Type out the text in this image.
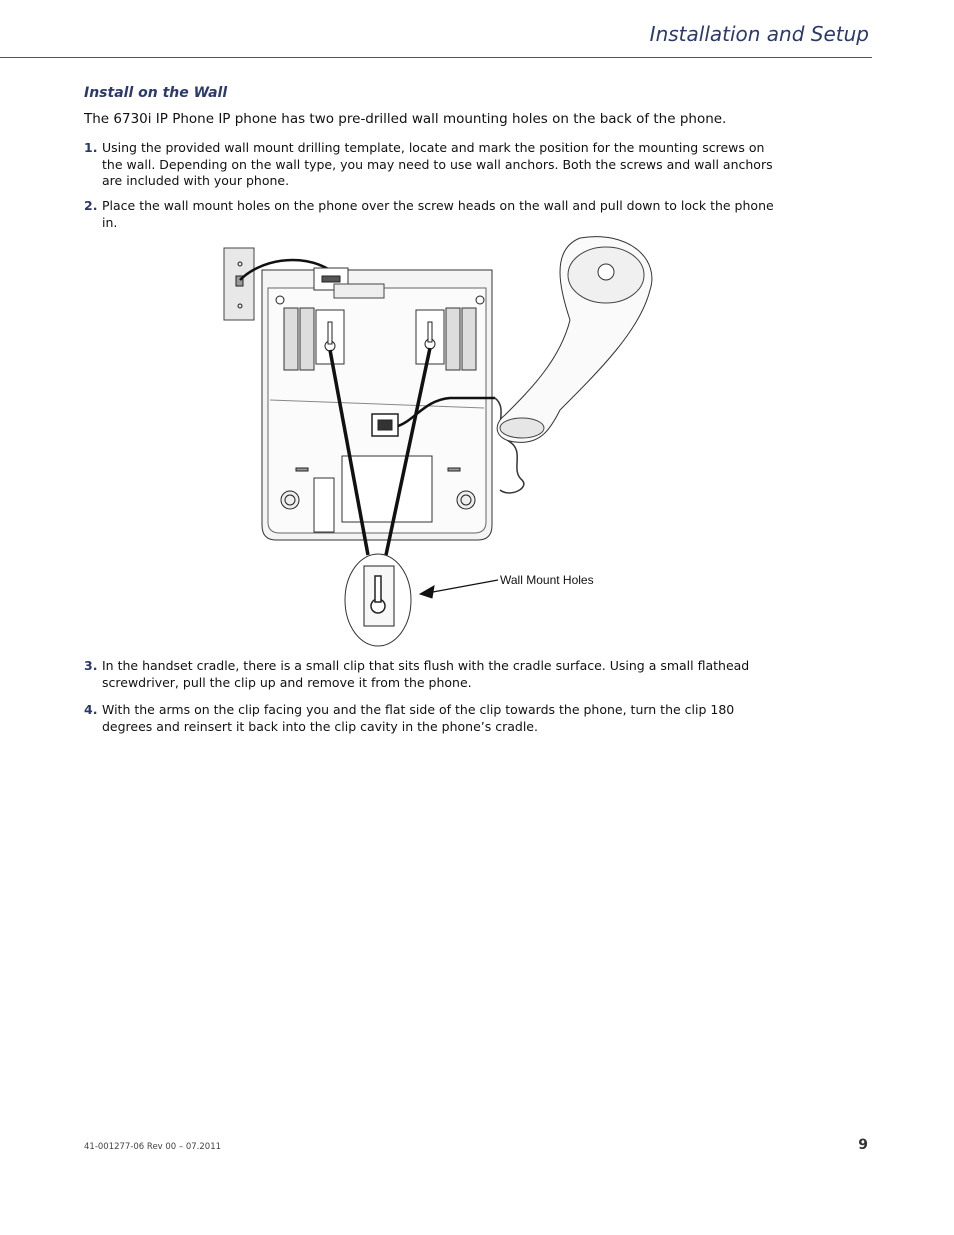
Installation and Setup
Install on the Wall
The 6730i IP Phone IP phone has two pre-drilled wall mounting holes on the back of the phone.
1. Using the provided wall mount drilling template, locate and mark the position for the mounting screws on the wall. Depending on the wall type, you may need to use wall anchors. Both the screws and wall anchors are included with your phone.
2. Place the wall mount holes on the phone over the screw heads on the wall and pull down to lock the phone in.
Wall Mount Holes
3. In the handset cradle, there is a small clip that sits flush with the cradle surface. Using a small flathead screwdriver, pull the clip up and remove it from the phone.
4. With the arms on the clip facing you and the flat side of the clip towards the phone, turn the clip 180 degrees and reinsert it back into the clip cavity in the phone’s cradle.
41-001277-06 Rev 00 – 07.2011	9
